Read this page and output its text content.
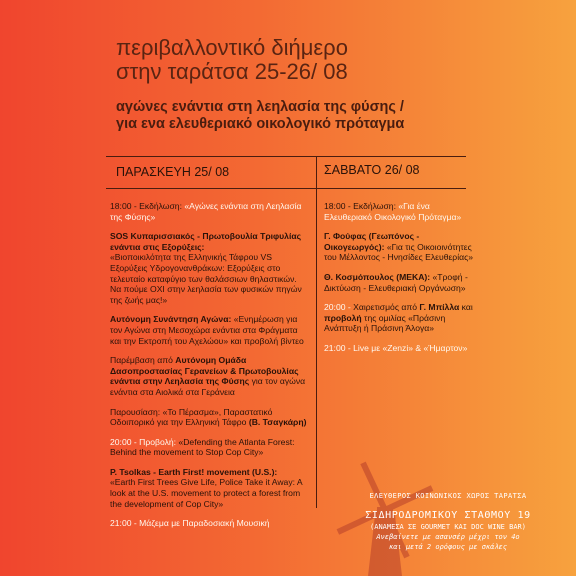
περιβαλλοντικό διήμερο
στην ταράτσα 25-26/ 08
αγώνες ενάντια στη λεηλασία της φύσης /
για ενα ελευθεριακό οικολογικό πρόταγμα
ΠΑΡΑΣΚΕΥΗ 25/ 08	ΣΑΒΒΑΤΟ 26/ 08

18:00 - Εκδήλωση: «Αγώνες ενάντια στη Λεηλασία της Φύσης»

SOS Κυπαρισσιακός - Πρωτοβουλία Τριφυλίας ενάντια στις Εξορύξεις:
«Βιοποικιλότητα της Ελληνικής Τάφρου VS Εξορύξεις Υδρογονανθράκων: Εξορύξεις στο τελευταίο καταφύγιο των θαλάσσιων θηλαστικών. Να πούμε ΟΧΙ στην λεηλασία των φυσικών πηγών της ζωής μας!»

Αυτόνομη Συνάντηση Αγώνα: «Ενημέρωση για τον Αγώνα στη Μεσοχώρα ενάντια στα Φράγματα και την Εκτροπή του Αχελώου» και προβολή βίντεο

Παρέμβαση από Αυτόνομη Ομάδα Δασοπροστασίας Γερανείων & Πρωτοβουλίας ενάντια στην Λεηλασία της Φύσης για τον αγώνα ενάντια στα Αιολικά στα Γεράνεια

Παρουσίαση: «Το Πέρασμα», Παραστατικό Οδοιπορικό για την Ελληνική Τάφρο (Β. Τσαγκάρη)

20:00 - Προβολή: «Defending the Atlanta Forest: Behind the movement to Stop Cop City»

P. Tsolkas - Earth First! movement (U.S.):
«Earth First Trees Give Life, Police Take it Away: A look at the U.S. movement to protect a forest from the development of Cop City»

21:00 - Μάζεμα με Παραδοσιακή Μουσική

18:00 - Εκδήλωση: «Για ένα Ελευθεριακό Οικολογικό Πρόταγμα»

Γ. Φούφας (Γεωπόνος - Οικογεωργός): «Για τις Οικοιοινότητες του Μέλλοντος - Ηνησίδες Ελευθερίας»

Θ. Κοσμόπουλος (ΜΕΚΑ): «Τροφή - Δικτύωση - Ελευθεριακή Οργάνωση»

20:00 - Χαιρετισμός από Γ. Μπίλλα και προβολή της ομιλίας «Πράσινη Ανάπτυξη ή Πράσινη Άλογα»

21:00 - Live με «Zenzi» & «Ήμαρτον»

ΕΛΕΥΘΕΡΟΣ ΚΟΙΝΩΝΙΚΟΣ ΧΩΡΟΣ ΤΑΡΑΤΣΑ
ΣΙΔΗΡΟΔΡΟΜΙΚΟΥ ΣΤΑΘΜΟΥ 19
(ΑΝΑΜΕΣΑ ΣΕ GOURMET ΚΑΙ DOC WINE BAR)
Ανεβαίνετε με ασανσέρ μέχρι τον 4ο
και μετά 2 ορόφους με σκάλες
